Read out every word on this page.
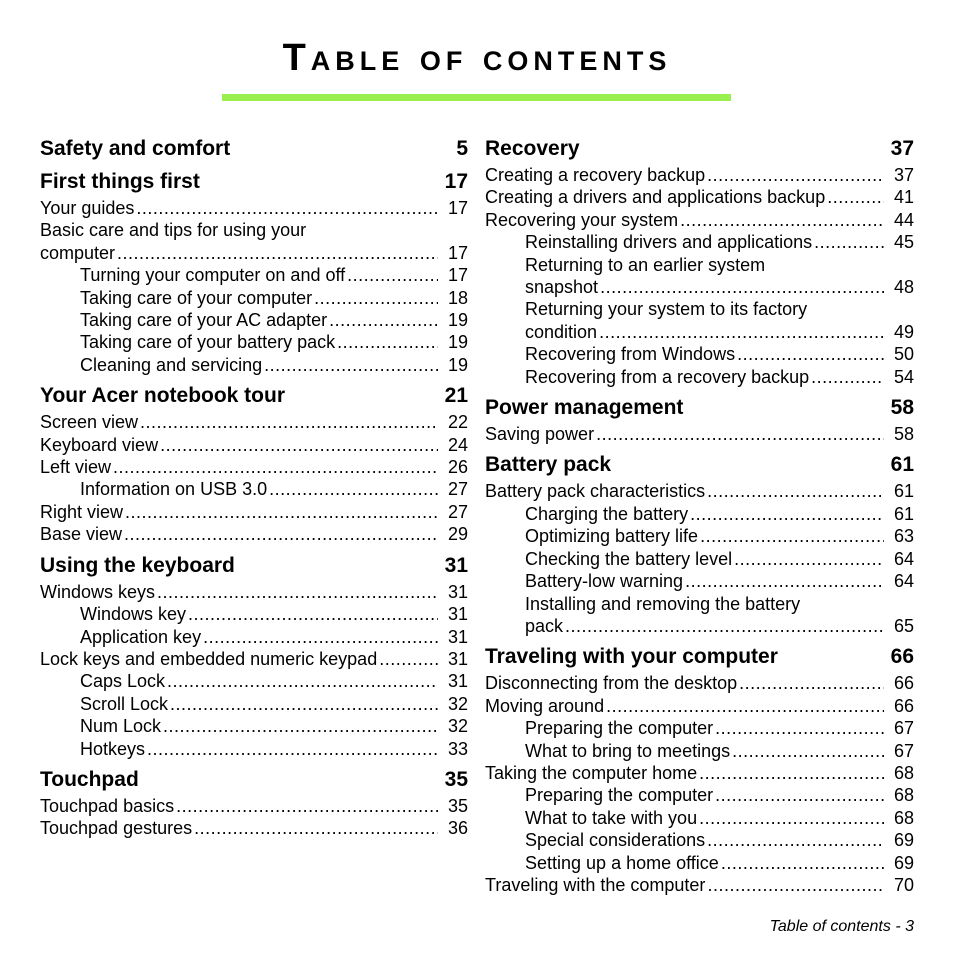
Table of contents
Safety and comfort	5
First things first	17
Your guides .....	17
Basic care and tips for using your
computer .....	17
Turning your computer on and off .....	17
Taking care of your computer .....	18
Taking care of your AC adapter .....	19
Taking care of your battery pack .....	19
Cleaning and servicing .....	19
Your Acer notebook tour	21
Screen view .....	22
Keyboard view .....	24
Left view .....	26
Information on USB 3.0 .....	27
Right view .....	27
Base view .....	29
Using the keyboard	31
Windows keys .....	31
Windows key .....	31
Application key .....	31
Lock keys and embedded numeric keypad .....	31
Caps Lock .....	31
Scroll Lock .....	32
Num Lock .....	32
Hotkeys .....	33
Touchpad	35
Touchpad basics .....	35
Touchpad gestures .....	36
Recovery	37
Creating a recovery backup .....	37
Creating a drivers and applications backup .....	41
Recovering your system .....	44
Reinstalling drivers and applications .....	45
Returning to an earlier system
snapshot .....	48
Returning your system to its factory
condition .....	49
Recovering from Windows .....	50
Recovering from a recovery backup .....	54
Power management	58
Saving power .....	58
Battery pack	61
Battery pack characteristics .....	61
Charging the battery .....	61
Optimizing battery life .....	63
Checking the battery level .....	64
Battery-low warning .....	64
Installing and removing the battery
pack .....	65
Traveling with your computer	66
Disconnecting from the desktop .....	66
Moving around .....	66
Preparing the computer .....	67
What to bring to meetings .....	67
Taking the computer home .....	68
Preparing the computer .....	68
What to take with you .....	68
Special considerations .....	69
Setting up a home office .....	69
Traveling with the computer .....	70
Table of contents - 3
